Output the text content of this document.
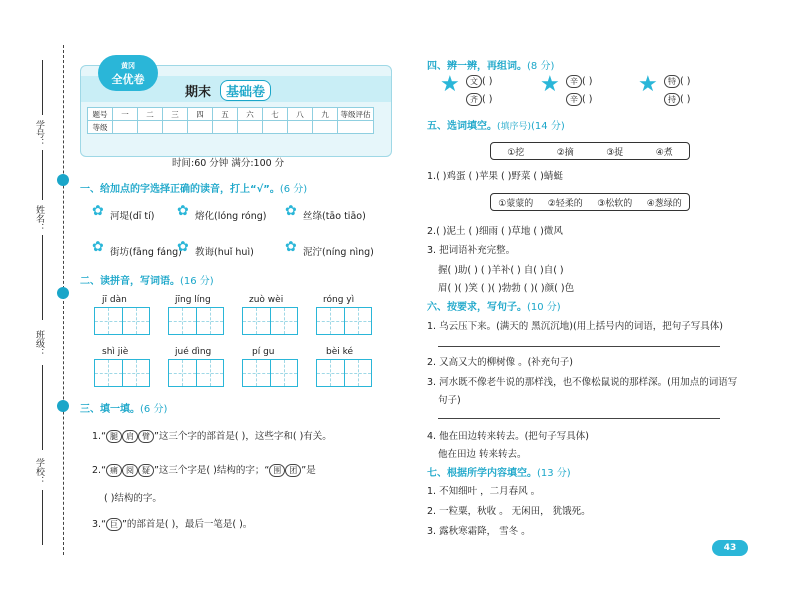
学号：
姓名：
班级：
学校：
黄冈
全优卷
期末	基础卷
题号	一	二	三	四	五	六	七	八	九	等级评估
等级										
时间:60 分钟 满分:100 分
一、给加点的字选择正确的读音，打上“√”。(6 分)
✿ 河堤(dī tí) ✿ 熔化(lóng róng) ✿ 丝绦(tāo tiāo)
✿ 街坊(fāng fáng)
✿ 教诲(huǐ huì) ✿ 泥泞(níng nìng)
二、读拼音，写词语。(16 分)
jī dàn	jīng líng	zuò wèi	róng yì
shì jiè	jué dìng	pí gu	bèi ké
三、填一填。(6 分)
1.“ 腿 肩 臂 ”这三个字的部首是( )，这些字和( )有关。
2.“ 痛 阅 疑 ”这三个字是( )结构的字；“ 围 团 ”是
( )结构的字。
3.“ 巨 ”的部首是( )，最后一笔是( )。
四、辨一辨，再组词。(8 分)
★	文 ( )
齐 ( )
★	辛 ( )
辛 ( )
★	特 ( )
持 ( )
五、选词填空。(填序号)(14 分)
①挖	②摘	③捉	④煮
1.( )鸡蛋 ( )苹果 ( )野菜 ( )蜻蜓
①蒙蒙的 ②轻柔的 ③松软的 ④葱绿的
2.( )泥土 ( )细雨 ( )草地 ( )微风
3. 把词语补充完整。
握( )助( ) ( )羊补( ) 自( )自( )
眉( )( )笑 ( )( )勃勃 ( )( )颜( )色
六、按要求，写句子。(10 分)
1. 乌云压下来。(满天的 黑沉沉地)(用上括号内的词语，把句子写具体)
2. 又高又大的柳树像 。(补充句子)
3. 河水既不像老牛说的那样浅，也不像松鼠说的那样深。(用加点的词语写
句子)
4. 他在田边转来转去。(把句子写具体)
他在田边 转来转去。
七、根据所学内容填空。(13 分)
1. 不知细叶 ，二月春风 。
2. 一粒粟，秋收 。 无闲田， 犹饿死。
3. 露秋寒霜降， 雪冬 。
43
